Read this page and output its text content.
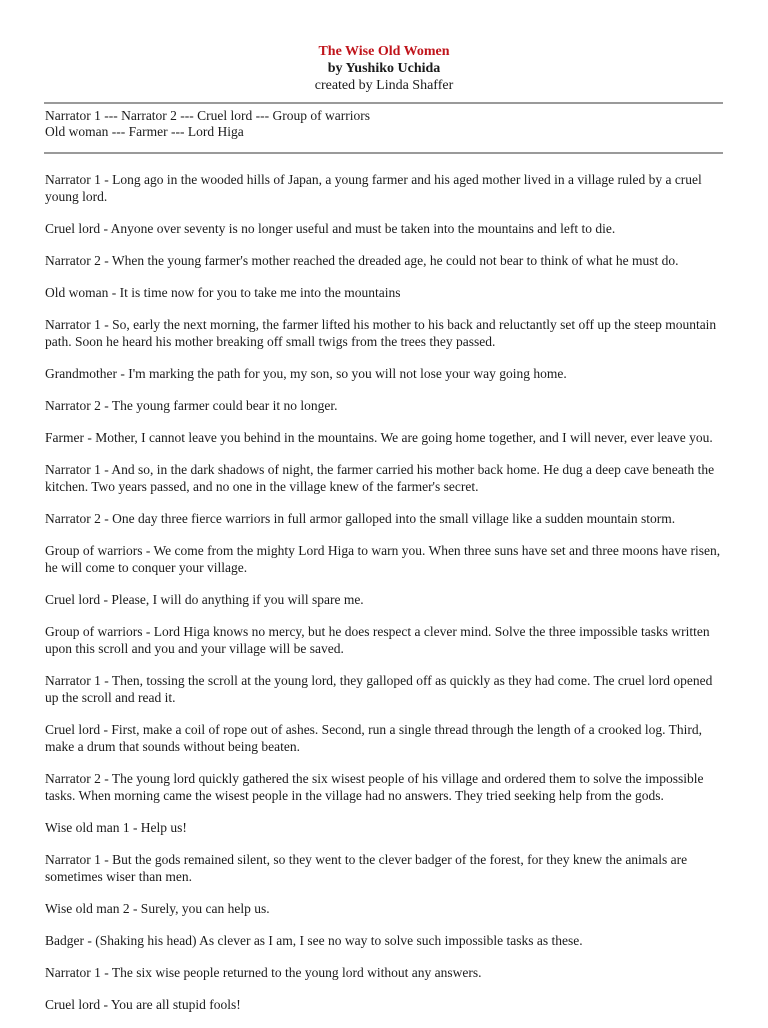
The Wise Old Women
by Yushiko Uchida
created by Linda Shaffer
Narrator 1 --- Narrator 2 --- Cruel lord --- Group of warriors
Old woman --- Farmer --- Lord Higa

Narrator 1 - Long ago in the wooded hills of Japan, a young farmer and his aged mother lived in a village ruled by a cruel young lord.

Cruel lord - Anyone over seventy is no longer useful and must be taken into the mountains and left to die.

Narrator 2 - When the young farmer's mother reached the dreaded age, he could not bear to think of what he must do.

Old woman - It is time now for you to take me into the mountains

Narrator 1 - So, early the next morning, the farmer lifted his mother to his back and reluctantly set off up the steep mountain path. Soon he heard his mother breaking off small twigs from the trees they passed.

Grandmother - I'm marking the path for you, my son, so you will not lose your way going home.

Narrator 2 - The young farmer could bear it no longer.

Farmer - Mother, I cannot leave you behind in the mountains. We are going home together, and I will never, ever leave you.

Narrator 1 - And so, in the dark shadows of night, the farmer carried his mother back home. He dug a deep cave beneath the kitchen. Two years passed, and no one in the village knew of the farmer's secret.

Narrator 2 - One day three fierce warriors in full armor galloped into the small village like a sudden mountain storm.

Group of warriors - We come from the mighty Lord Higa to warn you. When three suns have set and three moons have risen, he will come to conquer your village.

Cruel lord - Please, I will do anything if you will spare me.

Group of warriors - Lord Higa knows no mercy, but he does respect a clever mind. Solve the three impossible tasks written upon this scroll and you and your village will be saved.

Narrator 1 - Then, tossing the scroll at the young lord, they galloped off as quickly as they had come. The cruel lord opened up the scroll and read it.

Cruel lord - First, make a coil of rope out of ashes. Second, run a single thread through the length of a crooked log. Third, make a drum that sounds without being beaten.

Narrator 2 - The young lord quickly gathered the six wisest people of his village and ordered them to solve the impossible tasks. When morning came the wisest people in the village had no answers. They tried seeking help from the gods.

Wise old man 1 - Help us!

Narrator 1 - But the gods remained silent, so they went to the clever badger of the forest, for they knew the animals are sometimes wiser than men.

Wise old man 2 - Surely, you can help us.

Badger - (Shaking his head) As clever as I am, I see no way to solve such impossible tasks as these.

Narrator 1 - The six wise people returned to the young lord without any answers.

Cruel lord - You are all stupid fools!
